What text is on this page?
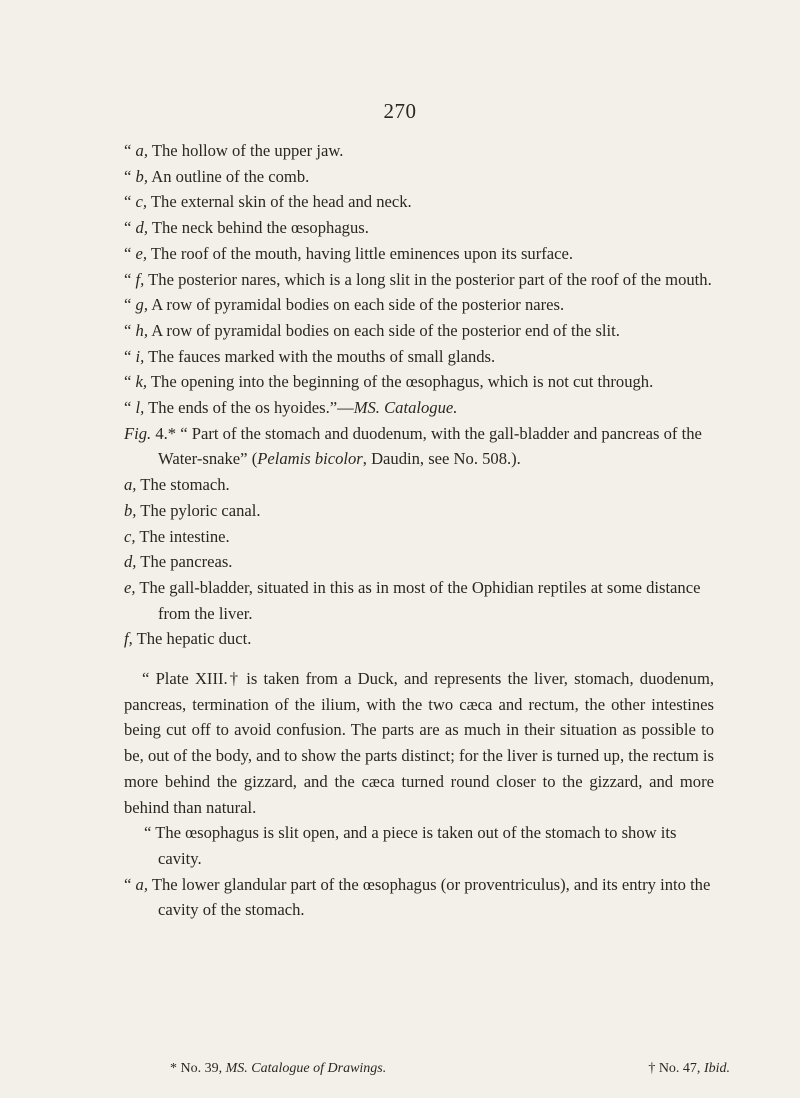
270

“ a, The hollow of the upper jaw.

“ b, An outline of the comb.

“ c, The external skin of the head and neck.

“ d, The neck behind the œsophagus.

“ e, The roof of the mouth, having little eminences upon its surface.

“ f, The posterior nares, which is a long slit in the posterior part of the roof of the mouth.

“ g, A row of pyramidal bodies on each side of the posterior nares.

“ h, A row of pyramidal bodies on each side of the posterior end of the slit.

“ i, The fauces marked with the mouths of small glands.

“ k, The opening into the beginning of the œsophagus, which is not cut through.

“ l, The ends of the os hyoides.”—MS. Catalogue.

Fig. 4.* “ Part of the stomach and duodenum, with the gall-bladder and pancreas of the Water-snake” (Pelamis bicolor, Daudin, see No. 508.).

a, The stomach.

b, The pyloric canal.

c, The intestine.

d, The pancreas.

e, The gall-bladder, situated in this as in most of the Ophidian reptiles at some distance from the liver.

f, The hepatic duct.

“ Plate XIII.† is taken from a Duck, and represents the liver, stomach, duodenum, pancreas, termination of the ilium, with the two cæca and rectum, the other intestines being cut off to avoid confusion. The parts are as much in their situation as possible to be, out of the body, and to show the parts distinct; for the liver is turned up, the rectum is more behind the gizzard, and the cæca turned round closer to the gizzard, and more behind than natural.

“ The œsophagus is slit open, and a piece is taken out of the stomach to show its cavity.

“ a, The lower glandular part of the œsophagus (or proventriculus), and its entry into the cavity of the stomach.

* No. 39, MS. Catalogue of Drawings.	† No. 47, Ibid.
